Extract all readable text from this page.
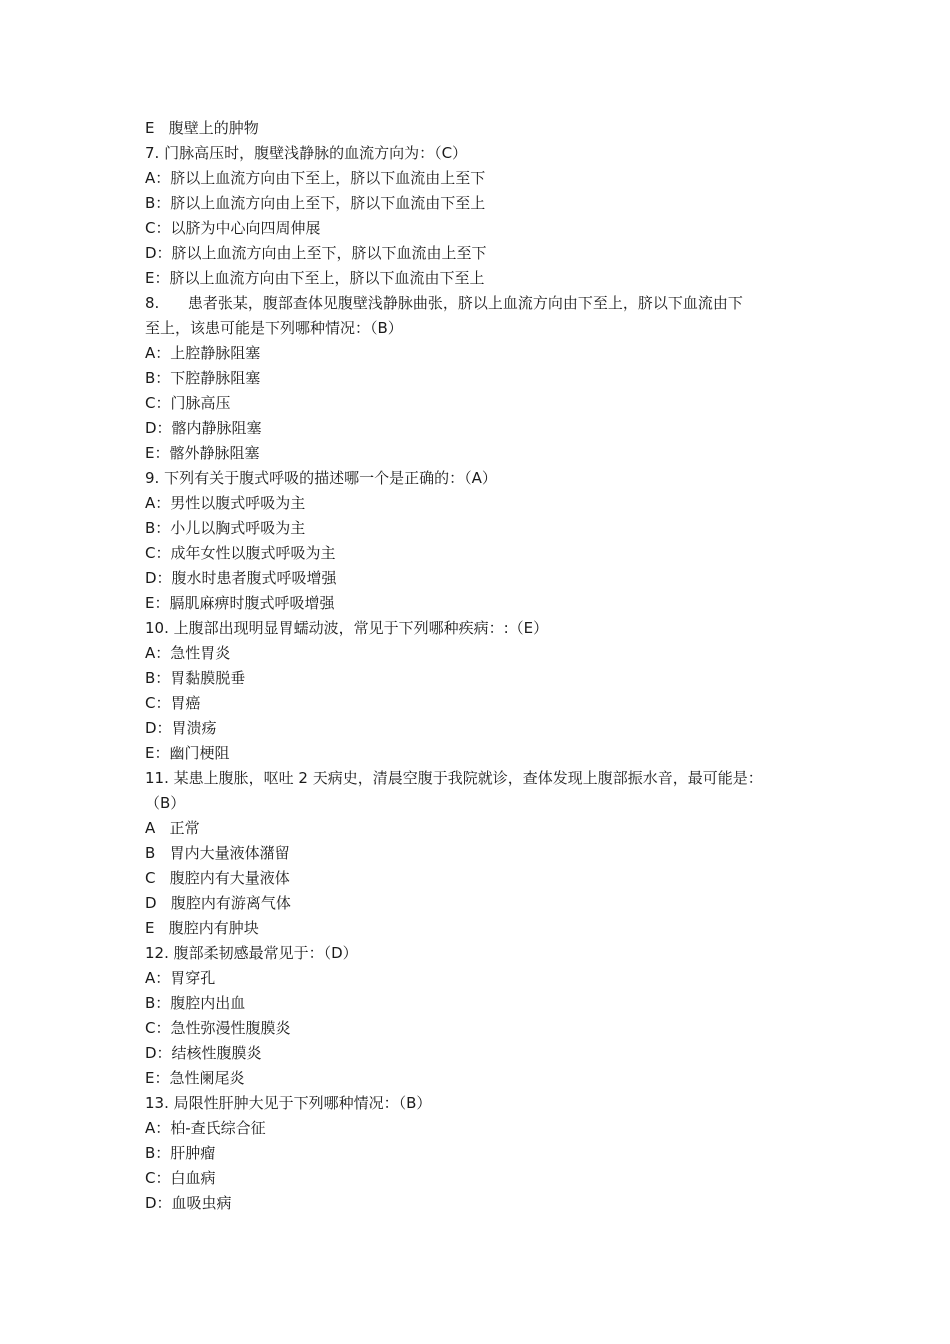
E   腹壁上的肿物
7. 门脉高压时，腹壁浅静脉的血流方向为：（C）
A：脐以上血流方向由下至上，脐以下血流由上至下
B：脐以上血流方向由上至下，脐以下血流由下至上
C：以脐为中心向四周伸展
D：脐以上血流方向由上至下，脐以下血流由上至下
E：脐以上血流方向由下至上，脐以下血流由下至上
8.      患者张某，腹部查体见腹壁浅静脉曲张，脐以上血流方向由下至上，脐以下血流由下
至上，该患可能是下列哪种情况：（B）
A：上腔静脉阻塞
B：下腔静脉阻塞
C：门脉高压
D：髂内静脉阻塞
E：髂外静脉阻塞
9. 下列有关于腹式呼吸的描述哪一个是正确的：（A）
A：男性以腹式呼吸为主
B：小儿以胸式呼吸为主
C：成年女性以腹式呼吸为主
D：腹水时患者腹式呼吸增强
E：膈肌麻痹时腹式呼吸增强
10. 上腹部出现明显胃蠕动波，常见于下列哪种疾病：:（E）
A：急性胃炎
B：胃黏膜脱垂
C：胃癌
D：胃溃疡
E：幽门梗阻
11. 某患上腹胀，呕吐 2 天病史，清晨空腹于我院就诊，查体发现上腹部振水音，最可能是：
（B）
A   正常
B   胃内大量液体潴留
C   腹腔内有大量液体
D   腹腔内有游离气体
E   腹腔内有肿块
12. 腹部柔韧感最常见于：（D）
A：胃穿孔
B：腹腔内出血
C：急性弥漫性腹膜炎
D：结核性腹膜炎
E：急性阑尾炎
13. 局限性肝肿大见于下列哪种情况：（B）
A：柏-查氏综合征
B：肝肿瘤
C：白血病
D：血吸虫病
